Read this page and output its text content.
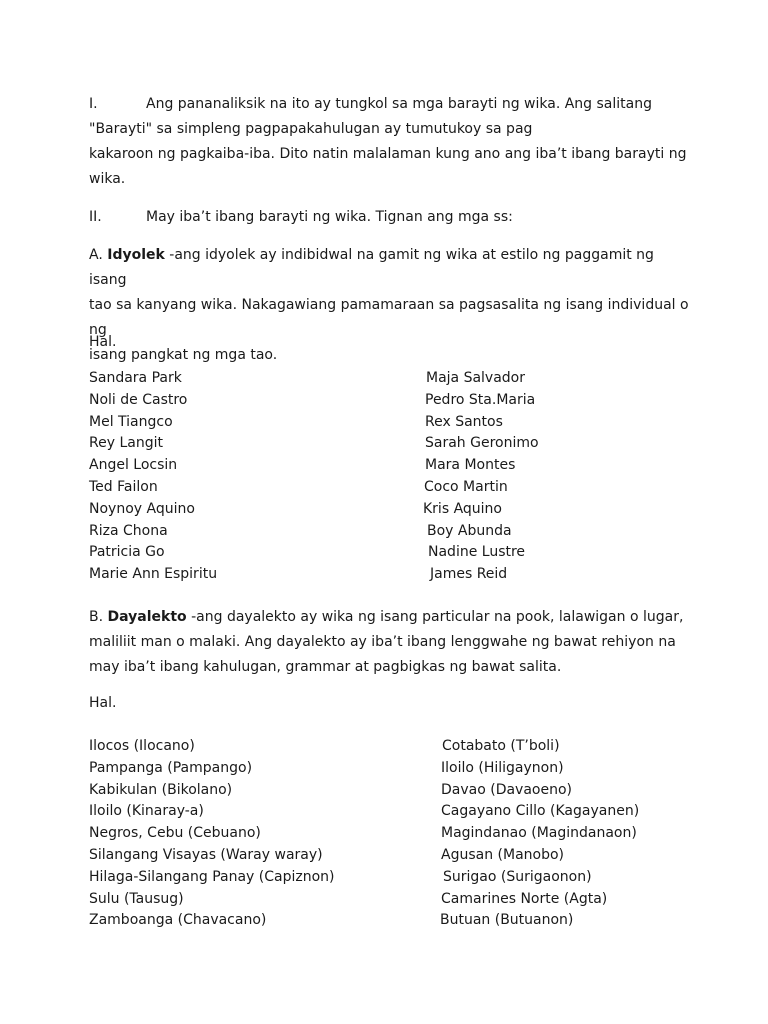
I.	Ang pananaliksik na ito ay tungkol sa mga barayti ng wika. Ang salitang
"Barayti" sa simpleng pagpapakahulugan ay tumutukoy sa pag
kakaroon ng pagkaiba-iba. Dito natin malalaman kung ano ang iba’t ibang barayti ng
wika.

II.	May iba’t ibang barayti ng wika. Tignan ang mga ss:

A. Idyolek -ang idyolek ay indibidwal na gamit ng wika at estilo ng paggamit ng isang
tao sa kanyang wika. Nakagawiang pamamaraan sa pagsasalita ng isang individual o ng
isang pangkat ng mga tao.

Hal.

Sandara Park
Noli de Castro
Mel Tiangco
Rey Langit
Angel Locsin
Ted Failon
Noynoy Aquino
Riza Chona
Patricia Go
Marie Ann Espiritu
Maja Salvador
Pedro Sta.Maria
Rex Santos
Sarah Geronimo
Mara Montes
Coco Martin
Kris Aquino
Boy Abunda
Nadine Lustre
James Reid

B. Dayalekto -ang dayalekto ay wika ng isang particular na pook, lalawigan o lugar,
maliliit man o malaki. Ang dayalekto ay iba’t ibang lenggwahe ng bawat rehiyon na
may iba’t ibang kahulugan, grammar at pagbigkas ng bawat salita.

Hal.

Ilocos (Ilocano)
Pampanga (Pampango)
Kabikulan (Bikolano)
Iloilo (Kinaray-a)
Negros, Cebu (Cebuano)
Silangang Visayas (Waray waray)
Hilaga-Silangang Panay (Capiznon)
Sulu (Tausug)
Zamboanga (Chavacano)
Cotabato (T’boli)
Iloilo (Hiligaynon)
Davao (Davaoeno)
Cagayano Cillo (Kagayanen)
Magindanao (Magindanaon)
Agusan (Manobo)
Surigao (Surigaonon)
Camarines Norte (Agta)
Butuan (Butuanon)
